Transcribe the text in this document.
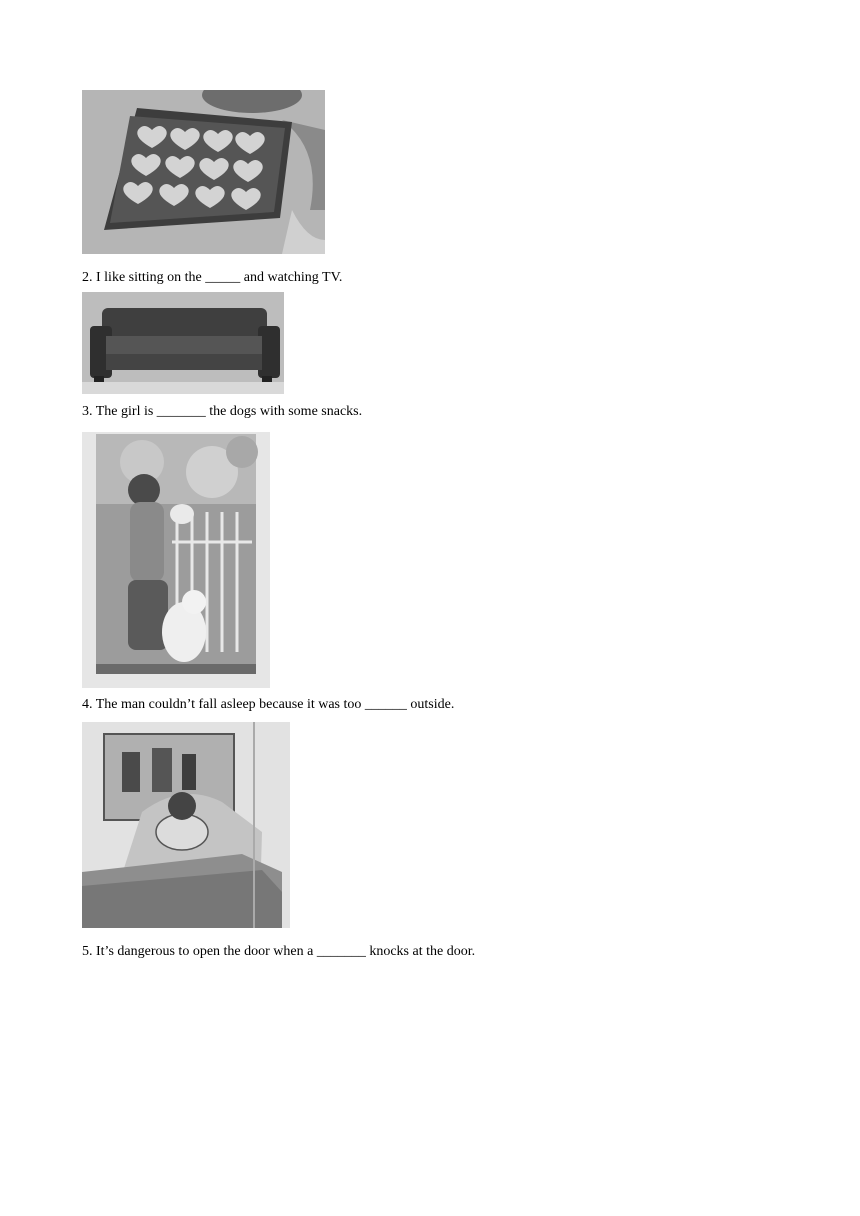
2. I like sitting on the _____ and watching TV.

3. The girl is _______ the dogs with some snacks.

4. The man couldn’t fall asleep because it was too ______ outside.

5. It’s dangerous to open the door when a _______ knocks at the door.
